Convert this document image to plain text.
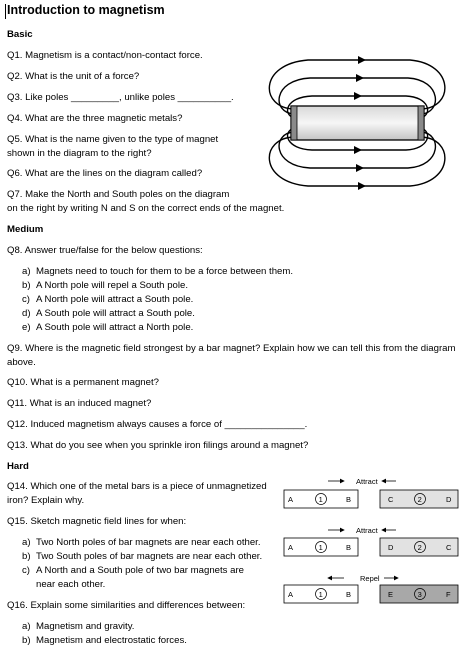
Introduction to magnetism
Basic
Q1. Magnetism is a contact/non-contact force.
Q2. What is the unit of a force?
Q3. Like poles _________, unlike poles __________.
Q4. What are the three magnetic metals?
Q5. What is the name given to the type of magnet
shown in the diagram to the right?
Q6. What are the lines on the diagram called?
Q7. Make the North and South poles on the diagram
on the right by writing N and S on the correct ends of the magnet.
Medium
Q8. Answer true/false for the below questions:
a) Magnets need to touch for them to be a force between them.
b) A North pole will repel a South pole.
c) A North pole will attract a South pole.
d) A South pole will attract a South pole.
e) A South pole will attract a North pole.
Q9. Where is the magnetic field strongest by a bar magnet? Explain how we can tell this from the diagram
above.
Q10. What is a permanent magnet?
Q11. What is an induced magnet?
Q12. Induced magnetism always causes a force of _______________.
Q13. What do you see when you sprinkle iron filings around a magnet?
Hard
Q14. Which one of the metal bars is a piece of unmagnetized
iron? Explain why.
Q15. Sketch magnetic field lines for when:
a) Two North poles of bar magnets are near each other.
b) Two South poles of bar magnets are near each other.
c) A North and a South pole of two bar magnets are
near each other.
Q16. Explain some similarities and differences between:
a) Magnetism and gravity.
b) Magnetism and electrostatic forces.
Attract
A	1	B	C	2	D
Attract
A	1	B	D	2	C
Repel
A	1	B	E	3	F
